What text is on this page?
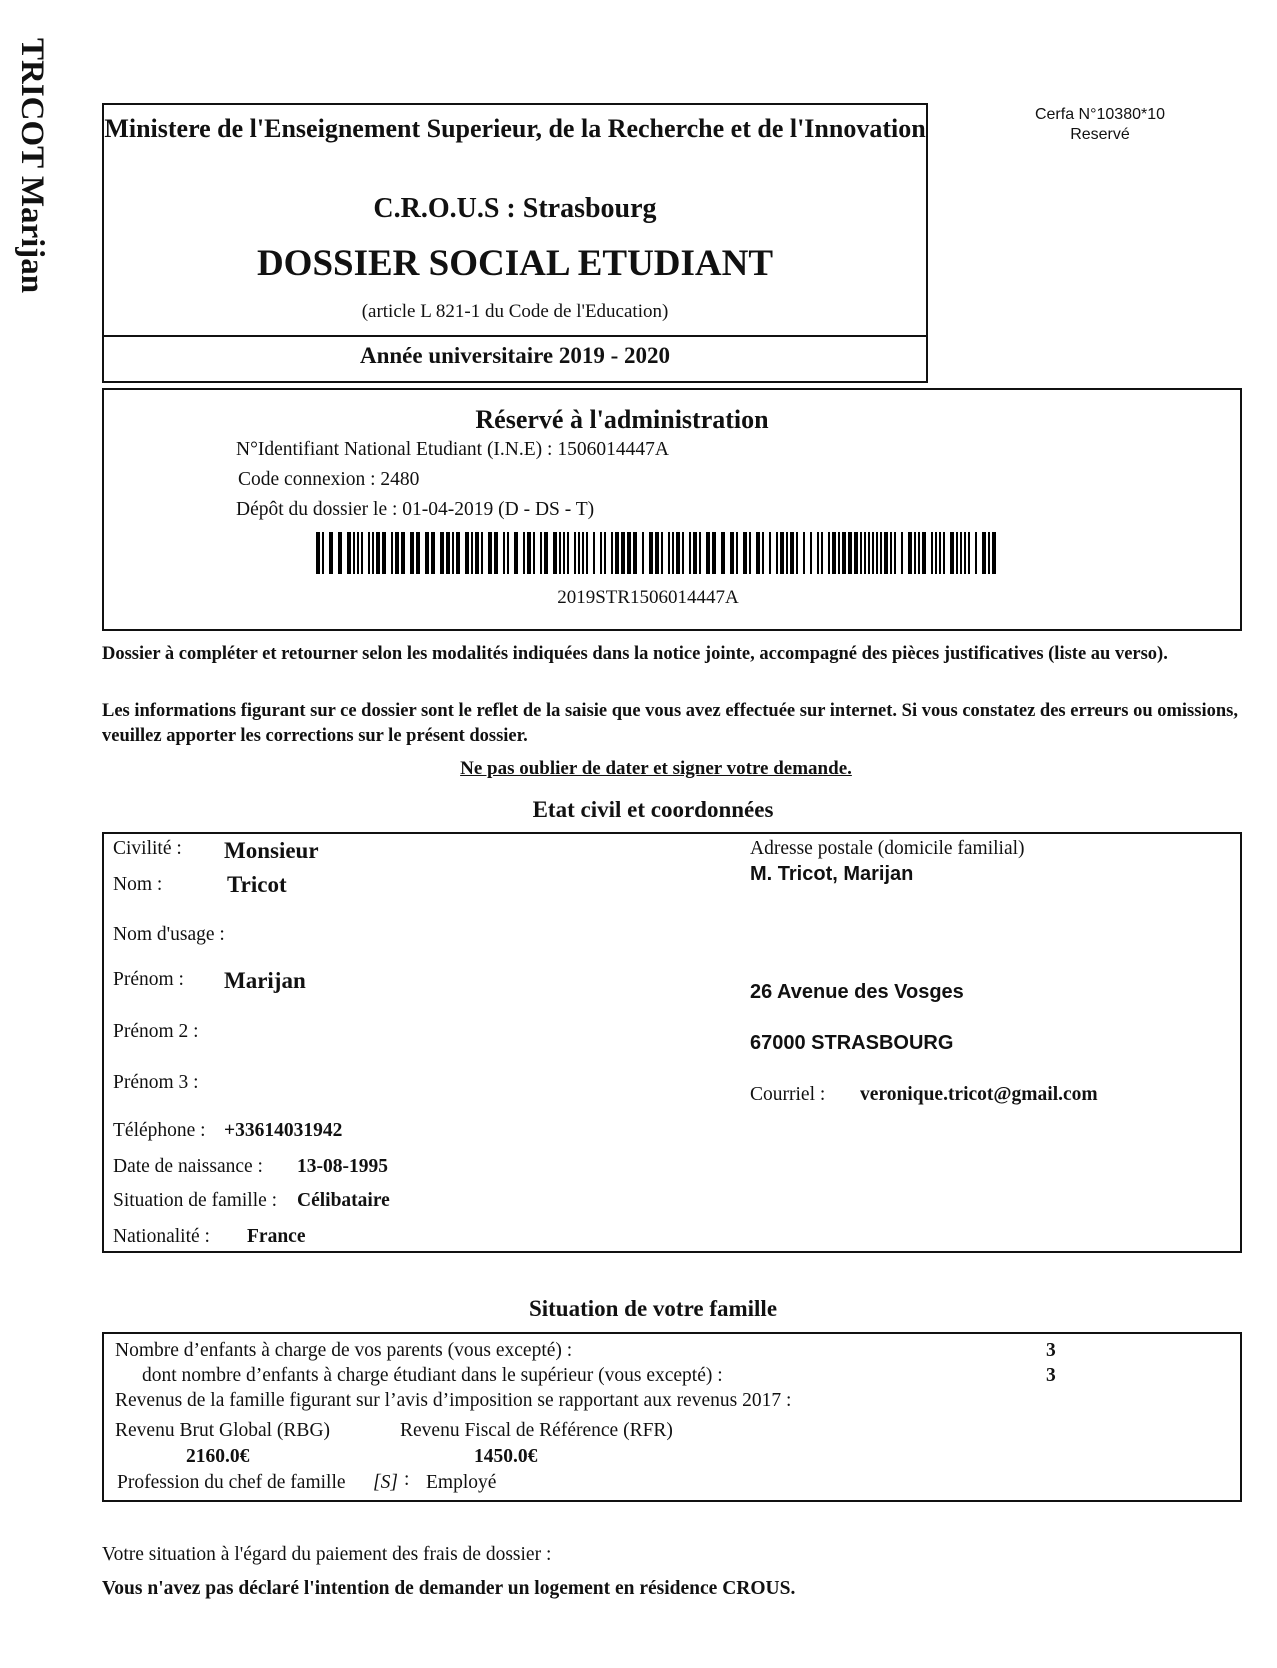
TRICOT Marijan Ministere de l'Enseignement Superieur, de la Recherche et de l'Innovation
C.R.O.U.S : Strasbourg
DOSSIER SOCIAL ETUDIANT
(article L 821-1 du Code de l'Education)
Année universitaire 2019 - 2020
Cerfa N°10380*10
Reservé
Réservé à l'administration
N°Identifiant National Etudiant (I.N.E) : 1506014447A
Code connexion : 2480
Dépôt du dossier le : 01-04-2019 (D - DS - T)
2019STR1506014447A
Dossier à compléter et retourner selon les modalités indiquées dans la notice jointe, accompagné des pièces justificatives (liste au verso).
Les informations figurant sur ce dossier sont le reflet de la saisie que vous avez effectuée sur internet. Si vous constatez des erreurs ou omissions, veuillez apporter les corrections sur le présent dossier.
Ne pas oublier de dater et signer votre demande.
Etat civil et coordonnées
Civilité : Monsieur
Nom :	Tricot
Nom d'usage :
Prénom : Marijan
Prénom 2 :
Prénom 3 :
Téléphone : +33614031942
Date de naissance : 13-08-1995
Situation de famille : Célibataire
Nationalité : France
Adresse postale (domicile familial)
M. Tricot, Marijan
26 Avenue des Vosges
67000 STRASBOURG
Courriel : veronique.tricot@gmail.com
Situation de votre famille
Nombre d’enfants à charge de vos parents (vous excepté) :	3
dont nombre d’enfants à charge étudiant dans le supérieur (vous excepté) :	3
Revenus de la famille figurant sur l’avis d’imposition se rapportant aux revenus 2017 :
Revenu Brut Global (RBG)	Revenu Fiscal de Référence (RFR)
2160.0€	1450.0€
Profession du chef de famille [S] : Employé
Votre situation à l'égard du paiement des frais de dossier :
Vous n'avez pas déclaré l'intention de demander un logement en résidence CROUS.
